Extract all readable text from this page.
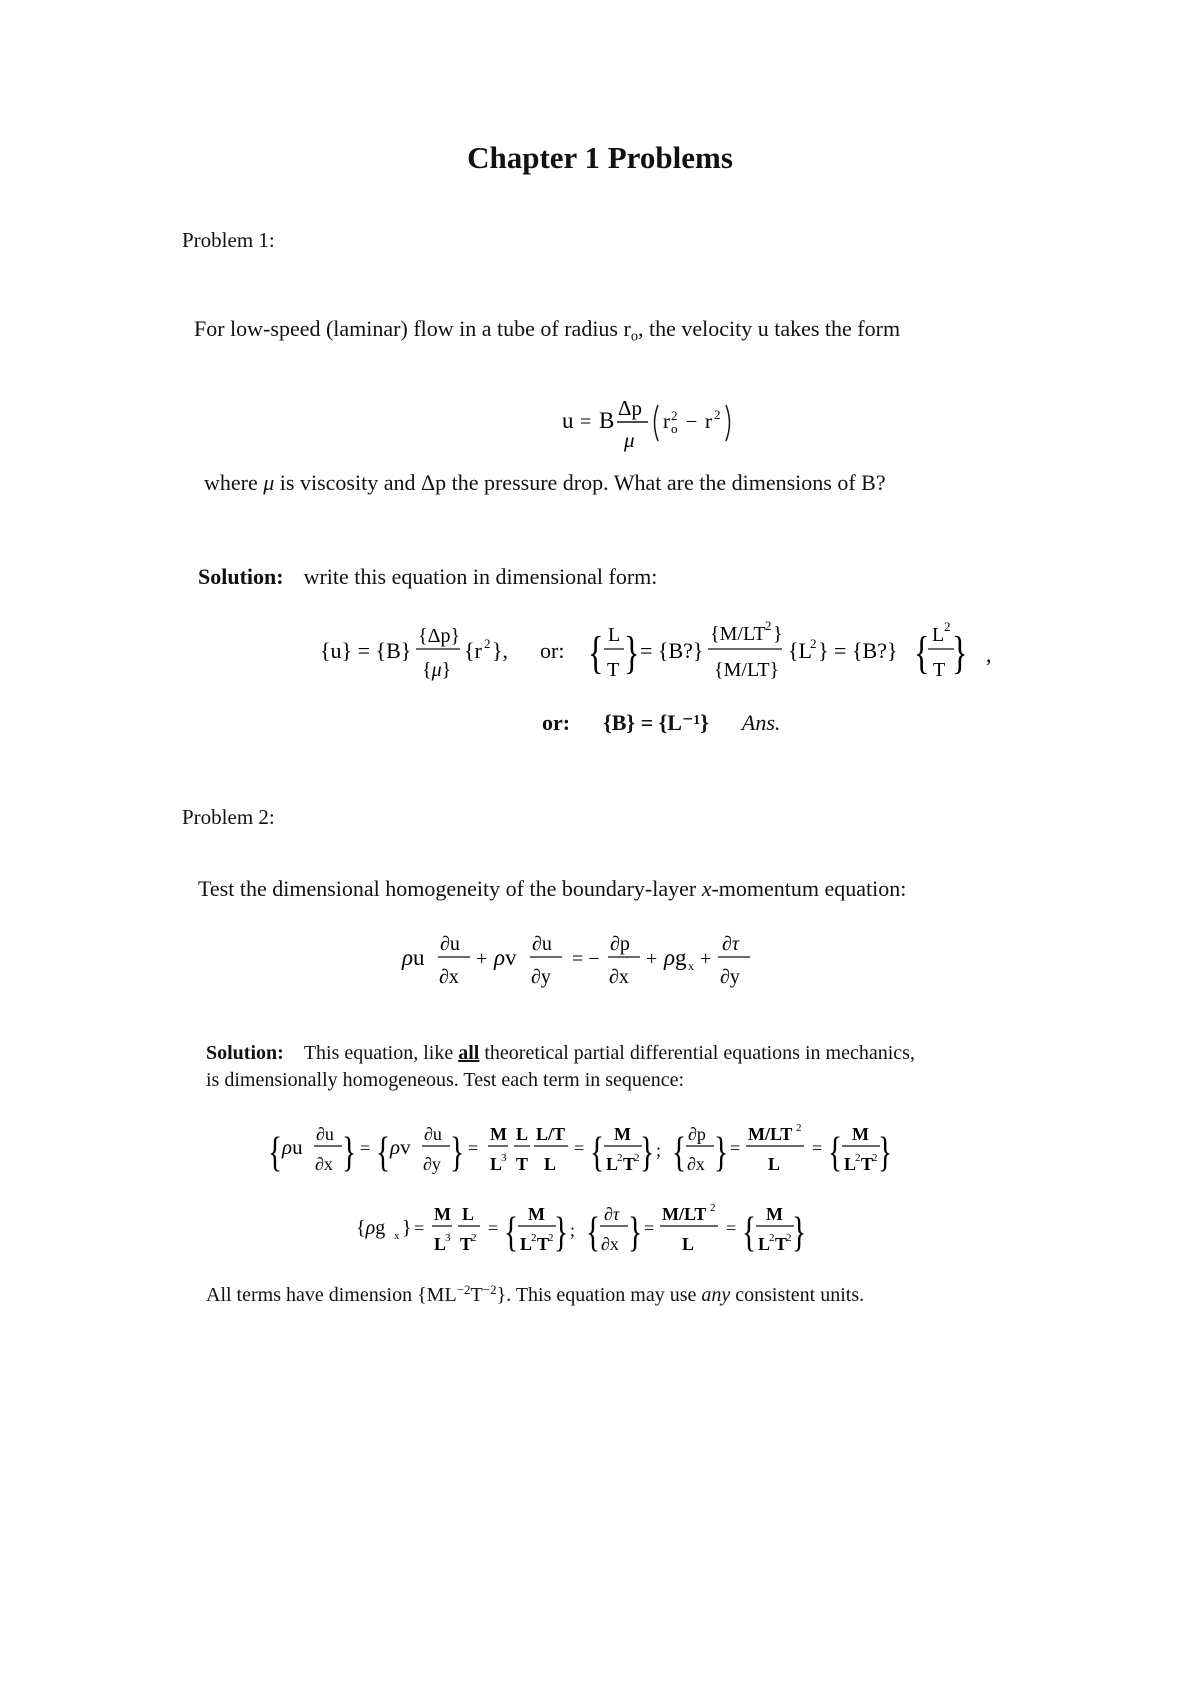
Chapter 1 Problems
Problem 1:
For low-speed (laminar) flow in a tube of radius $r_o$, the velocity u takes the form
u = B Δp
μ
r 2
o − r 2
where μ is viscosity and Δp the pressure drop. What are the dimensions of B?
Solution: write this equation in dimensional form:
{u} = {B}
{Δp}
{μ}
{r 2 }, or: { L
T } = {B?}
{M/LT 2 }
{M/LT}
{L
2 } = {B?} { L 2
T } ,
or: {B} = {L⁻¹} Ans.
Problem 2:
Test the dimensional homogeneity of the boundary-layer x-momentum equation:
ρu
∂u
∂x
+ ρv
∂u
∂y
= −
∂p
∂x
+ ρg x +
∂τ
∂y
Solution: This equation, like all theoretical partial differential equations in mechanics,
is dimensionally homogeneous. Test each term in sequence:
{ ρu
∂u
∂x } = { ρv
∂u
∂y } =
M
L
3
L
T
L/T
L
= { M
L
2 T
2 } ; { ∂p
∂x } =
M/LT 2
L
= { M
L
2 T
2 }
{ρg x } =
M
L
3
L
T
2 = { M
L
2 T
2 } ; { ∂τ
∂x } =
M/LT 2
L
= { M
L
2 T
2 }
All terms have dimension $\{ML^{-2}T^{-2}\}$. This equation may use any consistent units.
